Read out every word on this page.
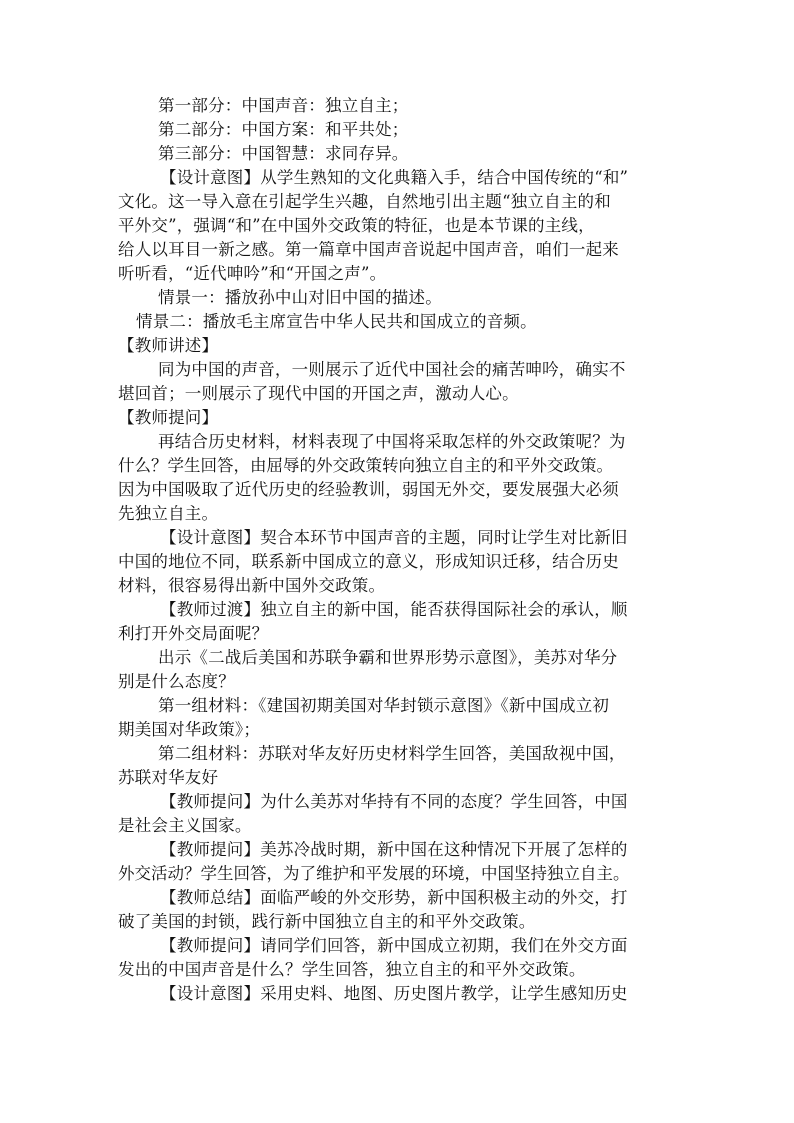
第一部分：中国声音：独立自主；
第二部分：中国方案：和平共处；
第三部分：中国智慧：求同存异。
【设计意图】从学生熟知的文化典籍入手，结合中国传统的“和”
文化。这一导入意在引起学生兴趣，自然地引出主题“独立自主的和
平外交”，强调“和”在中国外交政策的特征，也是本节课的主线，
给人以耳目一新之感。第一篇章中国声音说起中国声音，咱们一起来
听听看，“近代呻吟”和“开国之声”。
情景一：播放孙中山对旧中国的描述。
情景二：播放毛主席宣告中华人民共和国成立的音频。
【教师讲述】
同为中国的声音，一则展示了近代中国社会的痛苦呻吟，确实不
堪回首；一则展示了现代中国的开国之声，激动人心。
【教师提问】
再结合历史材料，材料表现了中国将采取怎样的外交政策呢？为
什么？学生回答，由屈辱的外交政策转向独立自主的和平外交政策。
因为中国吸取了近代历史的经验教训，弱国无外交，要发展强大必须
先独立自主。
【设计意图】契合本环节中国声音的主题，同时让学生对比新旧
中国的地位不同，联系新中国成立的意义，形成知识迁移，结合历史
材料，很容易得出新中国外交政策。
【教师过渡】独立自主的新中国，能否获得国际社会的承认，顺
利打开外交局面呢？
出示《二战后美国和苏联争霸和世界形势示意图》，美苏对华分
别是什么态度？
第一组材料：《建国初期美国对华封锁示意图》《新中国成立初
期美国对华政策》；
第二组材料：苏联对华友好历史材料学生回答，美国敌视中国，
苏联对华友好
【教师提问】为什么美苏对华持有不同的态度？学生回答，中国
是社会主义国家。
【教师提问】美苏冷战时期，新中国在这种情况下开展了怎样的
外交活动？学生回答，为了维护和平发展的环境，中国坚持独立自主。
【教师总结】面临严峻的外交形势，新中国积极主动的外交，打
破了美国的封锁，践行新中国独立自主的和平外交政策。
【教师提问】请同学们回答，新中国成立初期，我们在外交方面
发出的中国声音是什么？学生回答，独立自主的和平外交政策。
【设计意图】采用史料、地图、历史图片教学，让学生感知历史
